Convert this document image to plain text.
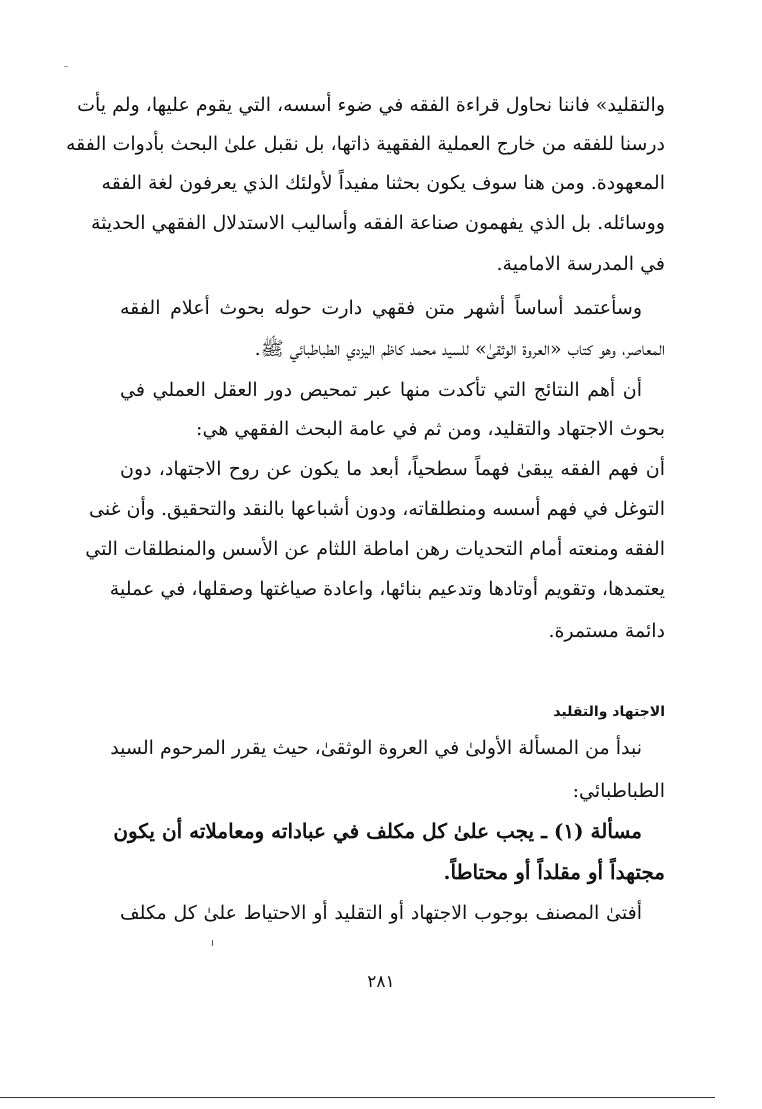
والتقليد» فاننا نحاول قراءة الفقه في ضوء أسسه، التي يقوم عليها، ولم يأت
درسنا للفقه من خارج العملية الفقهية ذاتها، بل نقبل علىٰ البحث بأدوات الفقه
المعهودة. ومن هنا سوف يكون بحثنا مفيداً لأولئك الذي يعرفون لغة الفقه
ووسائله. بل الذي يفهمون صناعة الفقه وأساليب الاستدلال الفقهي الحديثة
في المدرسة الامامية.
وسأعتمد أساساً أشهر متن فقهي دارت حوله بحوث أعلام الفقه
المعاصر، وهو كتاب «العروة الوثقىٰ» للسيد محمد كاظم اليزدي الطباطبائي ﷺ.
أن أهم النتائج التي تأكدت منها عبر تمحيص دور العقل العملي في
بحوث الاجتهاد والتقليد، ومن ثم في عامة البحث الفقهي هي:
أن فهم الفقه يبقىٰ فهماً سطحياً، أبعد ما يكون عن روح الاجتهاد، دون
التوغل في فهم أسسه ومنطلقاته، ودون أشباعها بالنقد والتحقيق. وأن غنى
الفقه ومنعته أمام التحديات رهن اماطة اللثام عن الأسس والمنطلقات التي
يعتمدها، وتقويم أوتادها وتدعيم بنائها، واعادة صياغتها وصقلها، في عملية
دائمة مستمرة.
الاجتهاد والتقليد
نبدأ من المسألة الأولىٰ في العروة الوثقىٰ، حيث يقرر المرحوم السيد
الطباطبائي:
مسألة (١) ـ يجب علىٰ كل مكلف في عباداته ومعاملاته أن يكون
مجتهداً أو مقلداً أو محتاطاً.
أفتىٰ المصنف بوجوب الاجتهاد أو التقليد أو الاحتياط علىٰ كل مكلف
٢٨١
